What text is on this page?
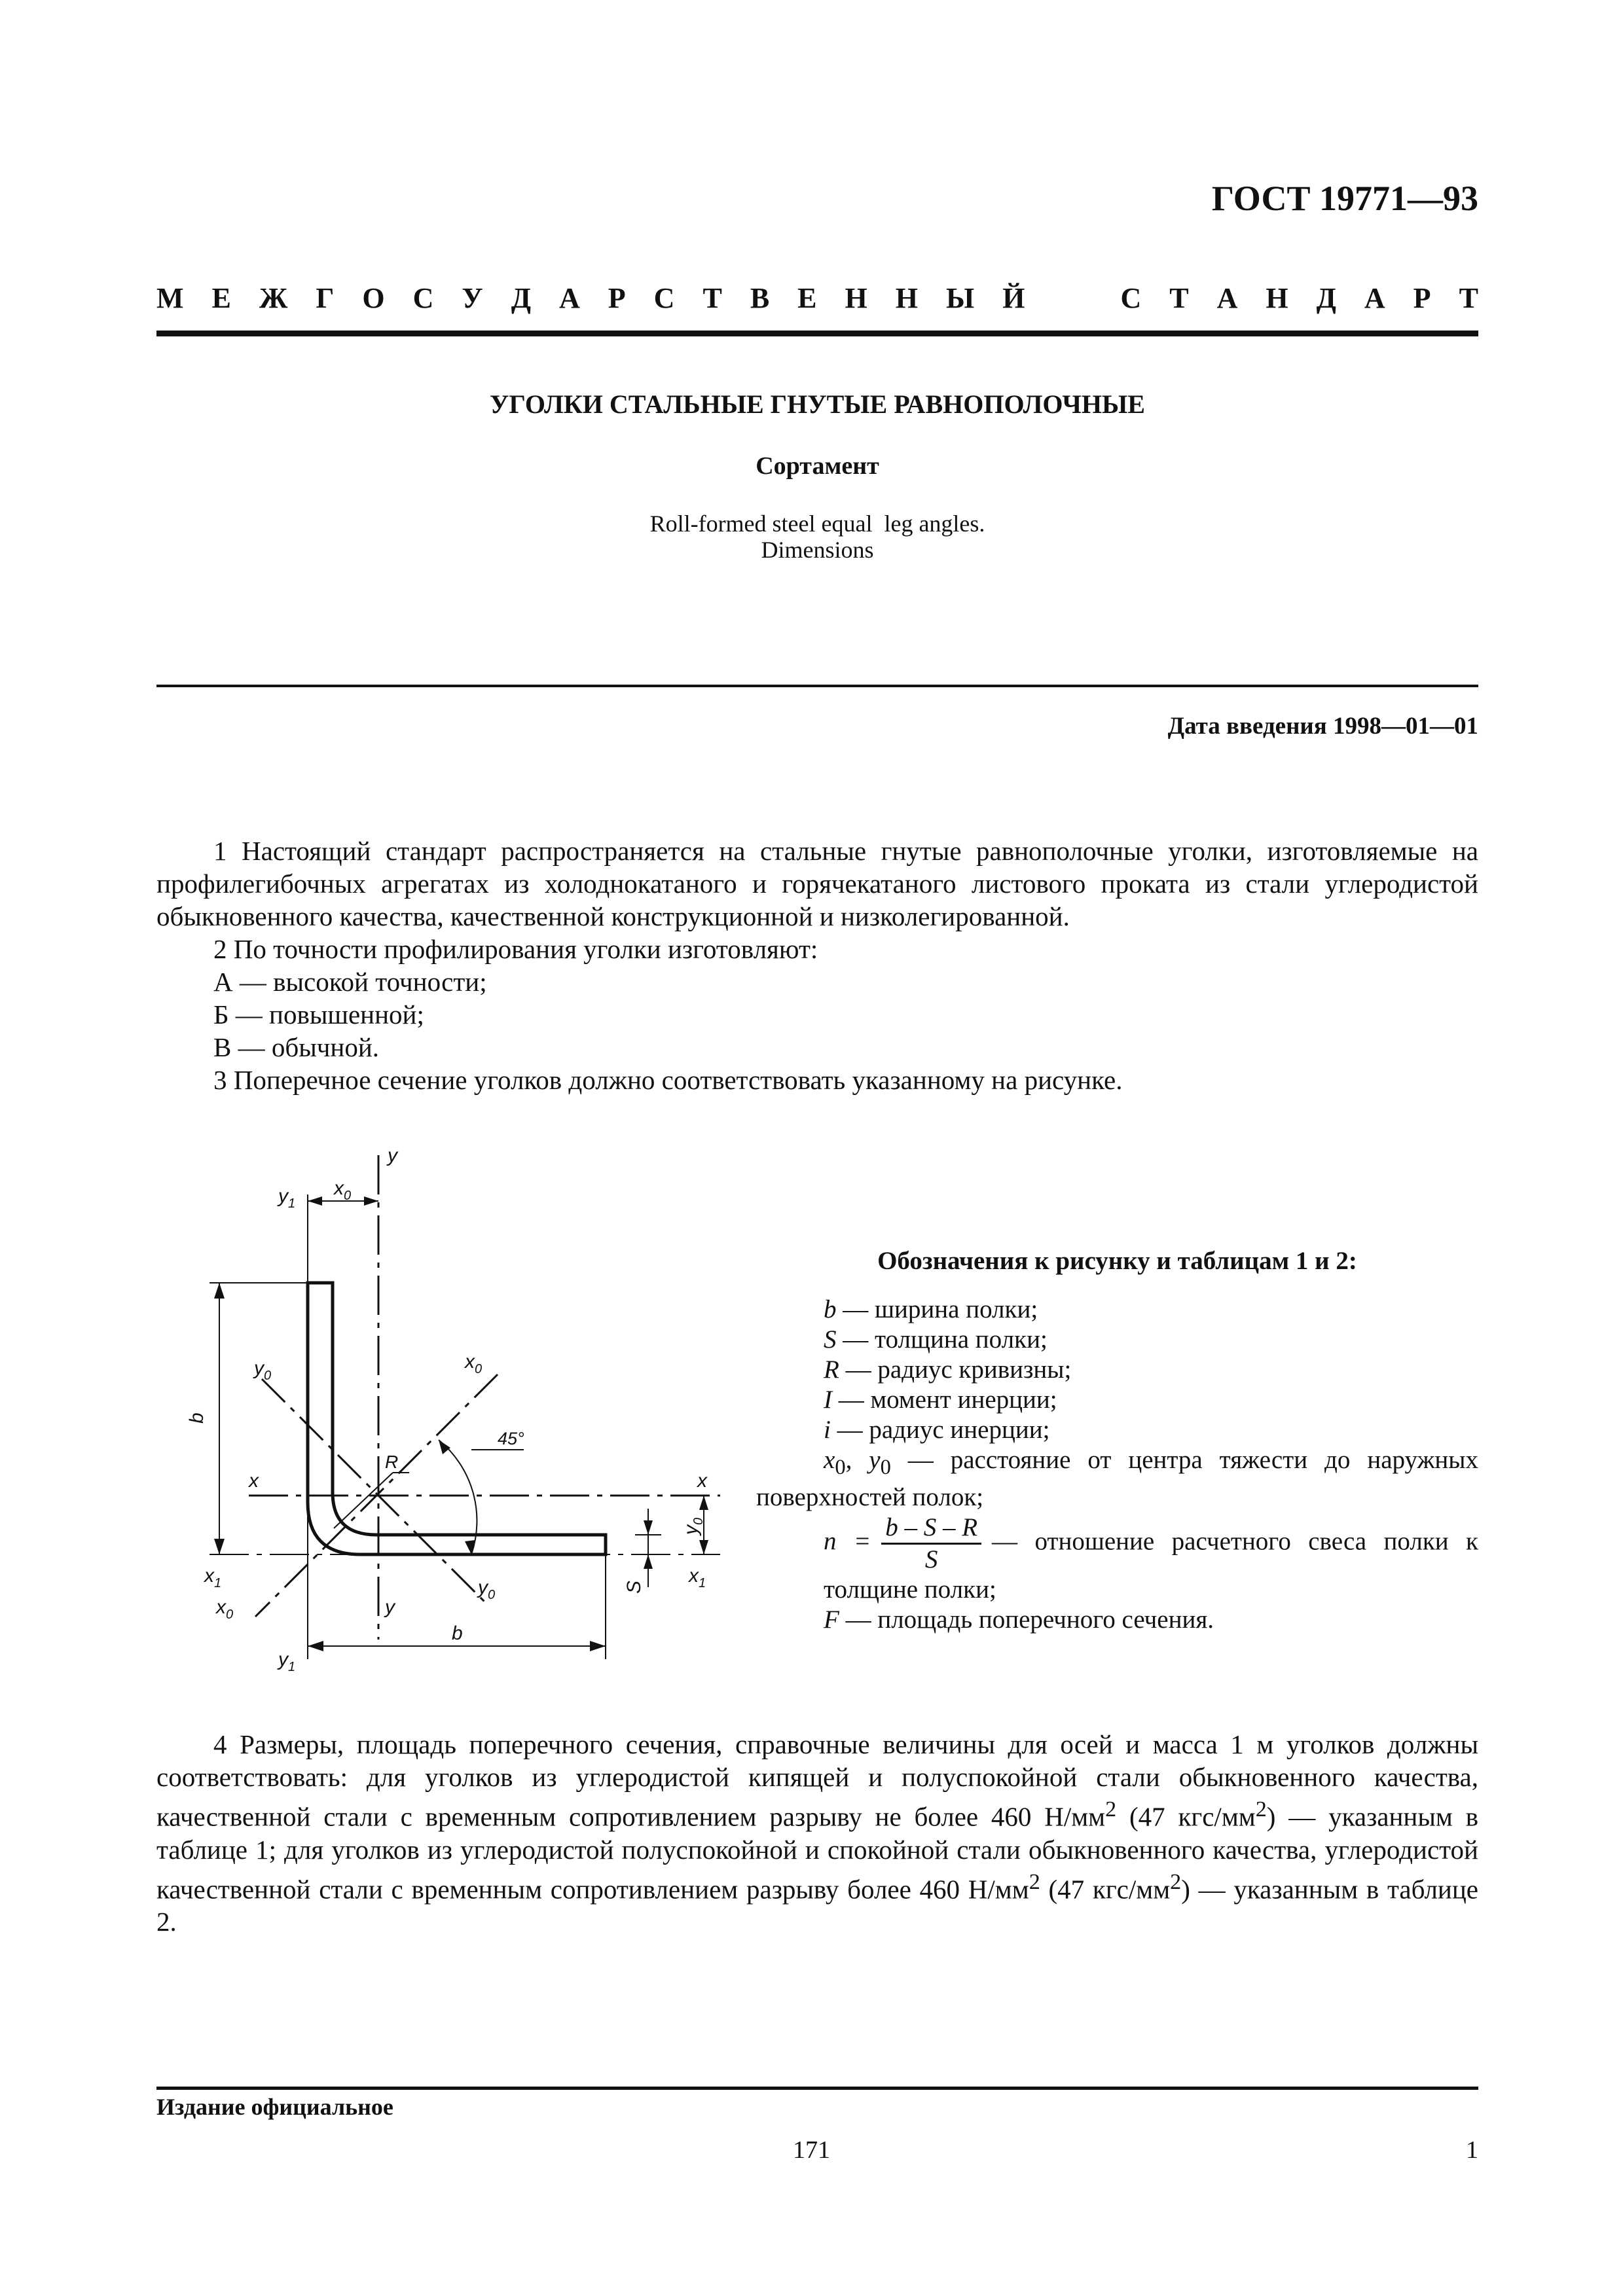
ГОСТ 19771—93
М Е Ж Г О С У Д А Р С Т В Е Н Н Ы Й	С Т А Н Д А Р Т
УГОЛКИ СТАЛЬНЫЕ ГНУТЫЕ РАВНОПОЛОЧНЫЕ
Сортамент
Roll-formed steel equal  leg angles.
Dimensions
Дата введения 1998—01—01

1 Настоящий стандарт распространяется на стальные гнутые равнополочные уголки, изготовляемые на профилегибочных агрегатах из холоднокатаного и горячекатаного листового проката из стали углеродистой обыкновенного качества, качественной конструкционной и низколегированной.

2 По точности профилирования уголки изготовляют:

А — высокой точности;

Б — повышенной;

В — обычной.

3 Поперечное сечение уголков должно соответствовать указанному на рисунке.

y
$y_1$
$x_0$
$y_0$
$x_0$
R
45°
x	x
$x_1$	$x_1$
$x_0$
$y_0$
y
$y_1$
b
b
$y_0$
S

Обозначения к рисунку и таблицам 1 и 2:

b — ширина полки;

S — толщина полки;

R — радиус кривизны;

I — момент инерции;

i — радиус инерции;

$x_0$, $y_0$ — расстояние от центра тяжести до наружных поверхностей полок;

$n = \frac{b - S - R}{S}$ — отношение расчетного свеса полки к толщине полки;

F — площадь поперечного сечения.

4 Размеры, площадь поперечного сечения, справочные величины для осей и масса 1 м уголков должны соответствовать: для уголков из углеродистой кипящей и полуспокойной стали обыкновенного качества, качественной стали с временным сопротивлением разрыву не более 460 $Н/мм^2$ (47 кгс/$мм^2$) — указанным в таблице 1; для уголков из углеродистой полуспокойной и спокойной стали обыкновенного качества, углеродистой качественной стали с временным сопротивлением разрыву более 460 $Н/мм^2$ (47 кгс/$мм^2$) — указанным в таблице 2.

Издание официальное
171	1
